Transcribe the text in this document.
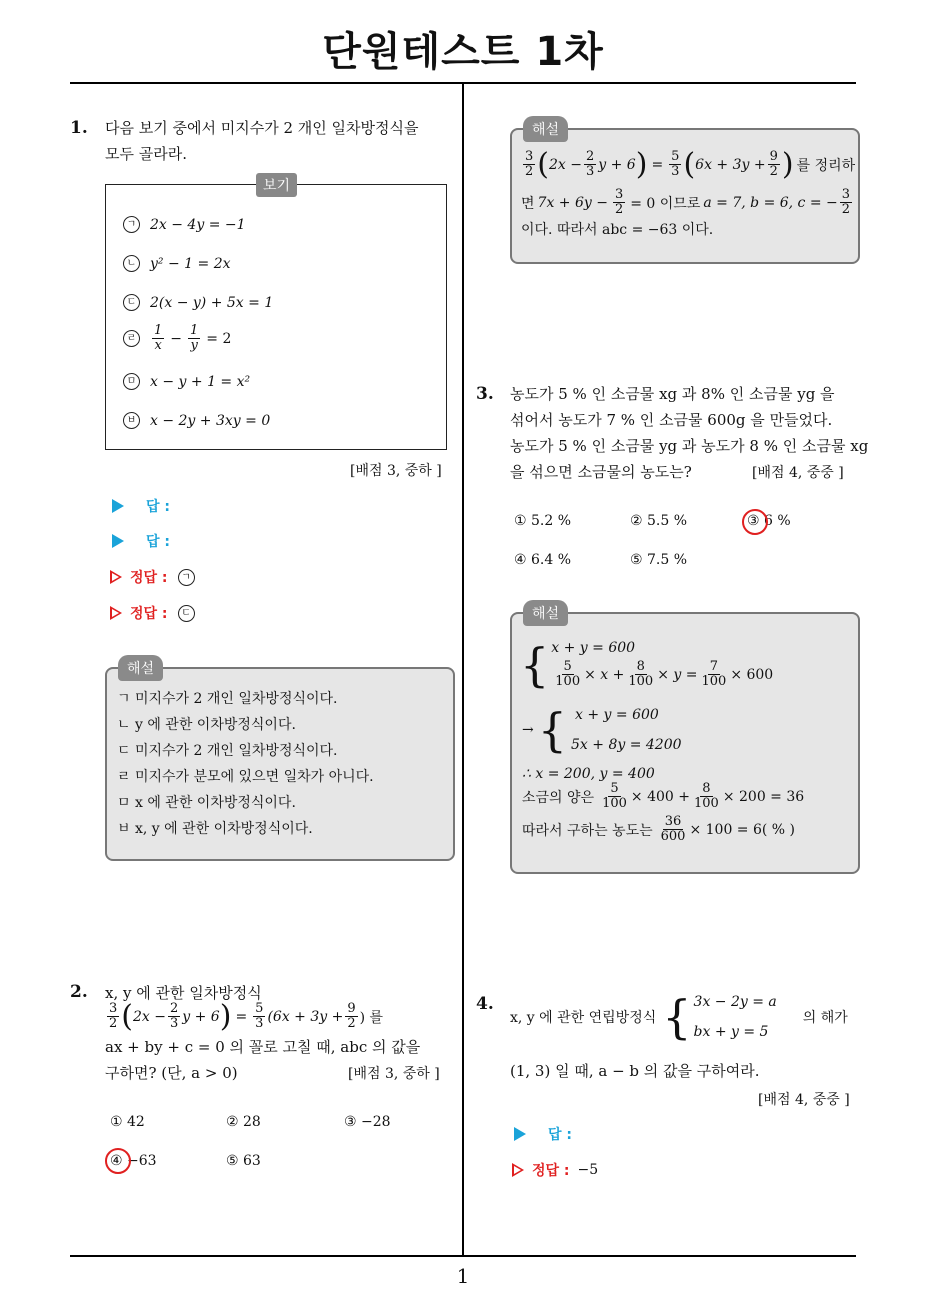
단원테스트 1차
1
1. 다음 보기 중에서 미지수가 2 개인 일차방정식을
모두 골라라.
보기
ㄱ 2x − 4y = −1
ㄴ y² − 1 = 2x
ㄷ 2(x − y) + 5x = 1
ㄹ $\frac{1}{x} - \frac{1}{y} = 2$
ㅁ x − y + 1 = x²
ㅂ x − 2y + 3xy = 0
[배점 3, 중하 ]
답 :
답 :
정답 :	ㄱ
정답 :	ㄷ
해설
ㄱ 미지수가 2 개인 일차방정식이다.
ㄴ y 에 관한 이차방정식이다.
ㄷ 미지수가 2 개인 일차방정식이다.
ㄹ 미지수가 분모에 있으면 일차가 아니다.
ㅁ x 에 관한 이차방정식이다.
ㅂ x, y 에 관한 이차방정식이다.
2. x, y 에 관한 일차방정식
$\frac{3}{2}$ ( $2x - \frac{2}{3}$ y + 6 ) = $\frac{5}{3} (6x + 3y + \frac{9}{2}$ ) 를
ax + by + c = 0 의 꼴로 고칠 때, abc 의 값을
구하면? (단, a > 0)	[배점 3, 중하 ]
① 42	② 28	③ −28
④ −63	⑤ 63
해설
$\frac{3}{2}$ ( $2x - \frac{2}{3}$ y + 6 ) = $\frac{5}{3}$ ( $6x + 3y + \frac{9}{2}$ ) 를 정리하
면 $7x + 6y - \frac{3}{2} = 0$ 이므로 a = 7, b = 6, c = − $\frac{3}{2}$
이다. 따라서 abc = −63 이다.
3. 농도가 5 % 인 소금물 xg 과 8% 인 소금물 yg 을
섞어서 농도가 7 % 인 소금물 600g 을 만들었다.
농도가 5 % 인 소금물 yg 과 농도가 8 % 인 소금물 xg
을 섞으면 소금물의 농도는?	[배점 4, 중중 ]
① 5.2 %	② 5.5 %	③ 6 %
④ 6.4 %	⑤ 7.5 %
해설
{ x + y = 600
$\frac{5}{100} \times x + \frac{8}{100} \times y = \frac{7}{100} \times 600$
→ { x + y = 600
5x + 8y = 4200
∴ x = 200, y = 400
소금의 양은 $\frac{5}{100} \times 400 + \frac{8}{100} \times 200 = 36$
따라서 구하는 농도는 $\frac{36}{600} \times 100 = 6$( % )
4.
x, y 에 관한 연립방정식 { 3x − 2y = a
bx + y = 5
의 해가
(1, 3) 일 때, a − b 의 값을 구하여라.
[배점 4, 중중 ]
답 :
정답 : −5
